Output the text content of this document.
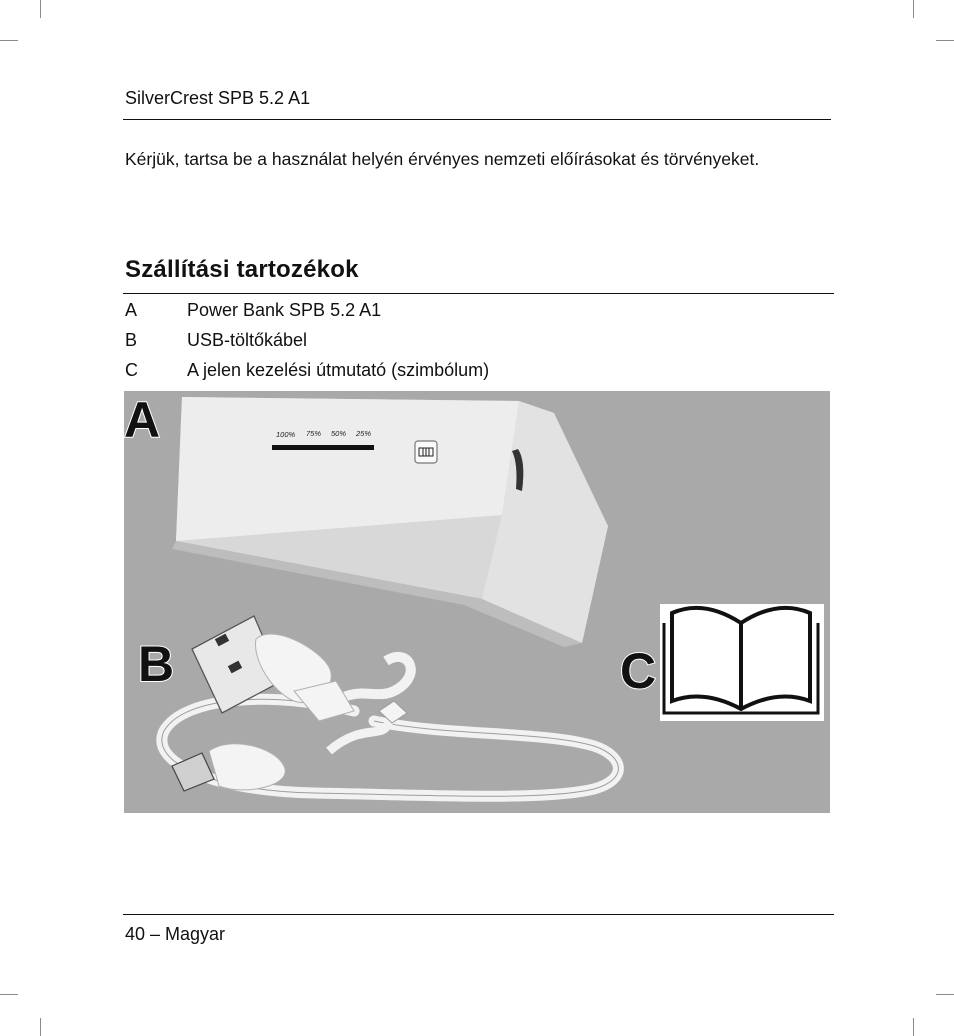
SilverCrest SPB 5.2 A1
Kérjük, tartsa be a használat helyén érvényes nemzeti előírásokat és törvényeket.
Szállítási tartozékok
A	Power Bank SPB 5.2 A1
B	USB-töltőkábel
C	A jelen kezelési útmutató (szimbólum)
100% 75% 50% 25%
A
B	C
40 – Magyar
